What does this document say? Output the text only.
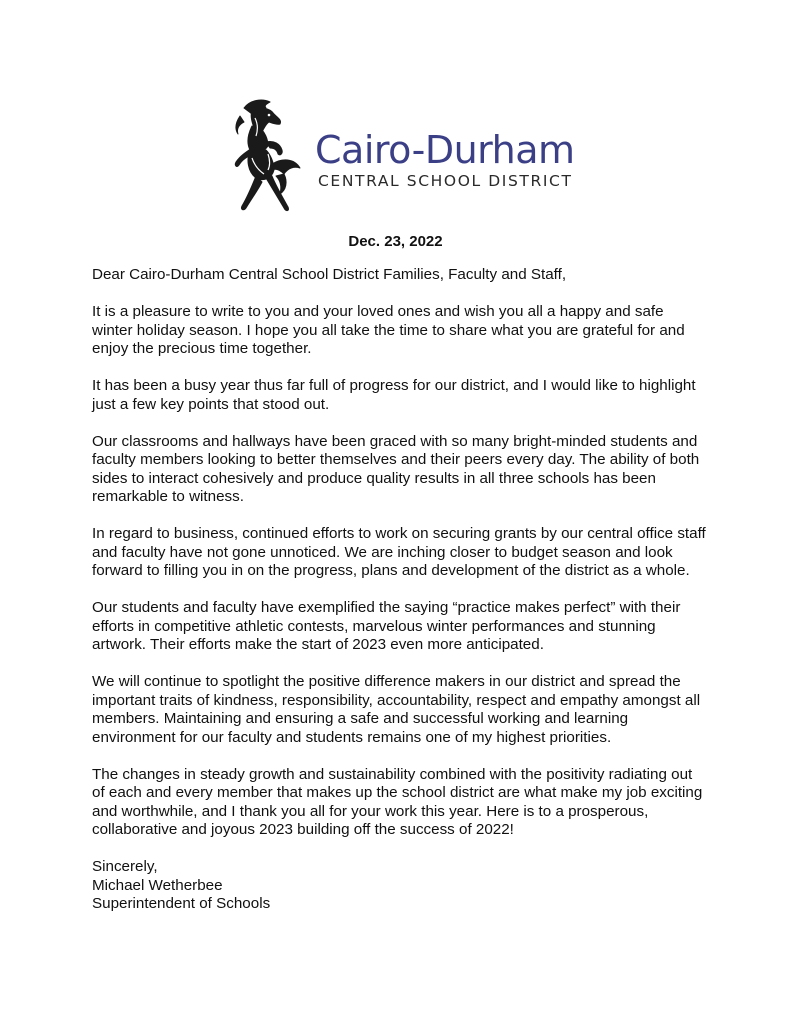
Cairo-Durham
CENTRAL SCHOOL DISTRICT
Dec. 23, 2022

Dear Cairo-Durham Central School District Families, Faculty and Staff,

It is a pleasure to write to you and your loved ones and wish you all a happy and safe winter holiday season. I hope you all take the time to share what you are grateful for and enjoy the precious time together.

It has been a busy year thus far full of progress for our district, and I would like to highlight just a few key points that stood out.

Our classrooms and hallways have been graced with so many bright-minded students and faculty members looking to better themselves and their peers every day. The ability of both sides to interact cohesively and produce quality results in all three schools has been remarkable to witness.

In regard to business, continued efforts to work on securing grants by our central office staff and faculty have not gone unnoticed. We are inching closer to budget season and look forward to filling you in on the progress, plans and development of the district as a whole.

Our students and faculty have exemplified the saying “practice makes perfect” with their efforts in competitive athletic contests, marvelous winter performances and stunning artwork. Their efforts make the start of 2023 even more anticipated.

We will continue to spotlight the positive difference makers in our district and spread the important traits of kindness, responsibility, accountability, respect and empathy amongst all members. Maintaining and ensuring a safe and successful working and learning environment for our faculty and students remains one of my highest priorities.

The changes in steady growth and sustainability combined with the positivity radiating out of each and every member that makes up the school district are what make my job exciting and worthwhile, and I thank you all for your work this year. Here is to a prosperous, collaborative and joyous 2023 building off the success of 2022!

Sincerely,

Michael Wetherbee

Superintendent of Schools
